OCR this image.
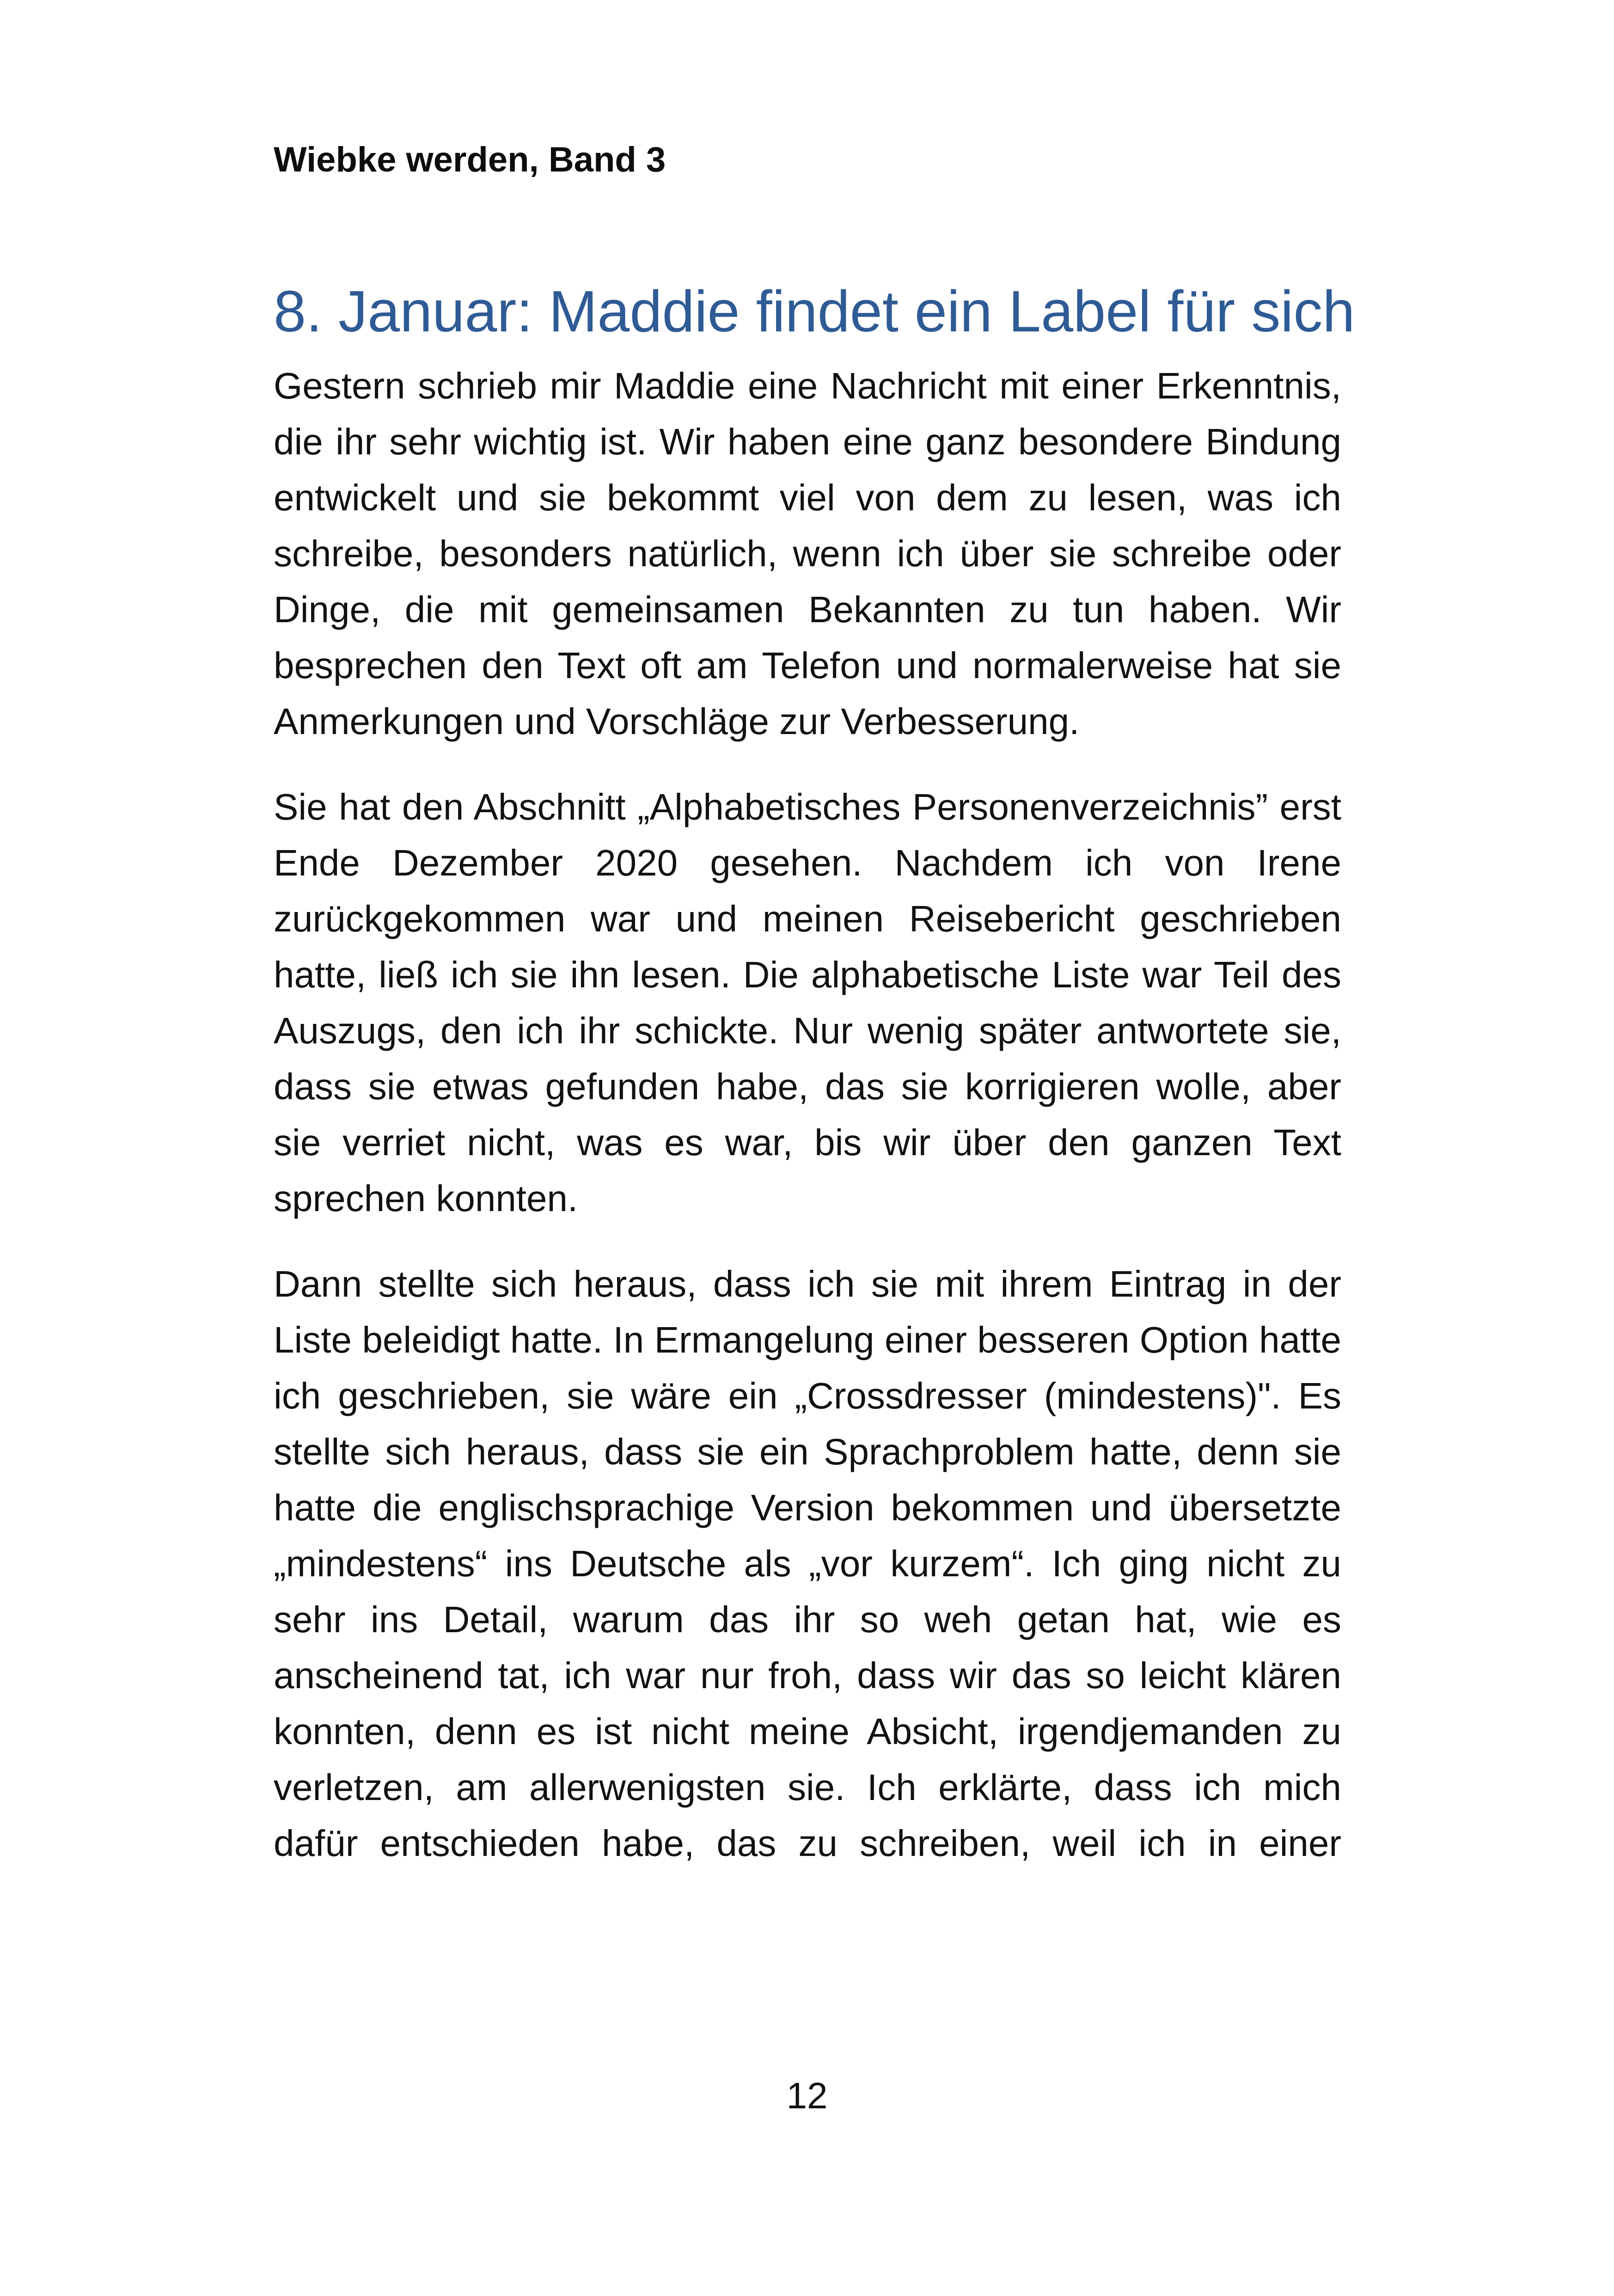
Wiebke werden, Band 3

8. Januar: Maddie findet ein Label für sich

Gestern schrieb mir Maddie eine Nachricht mit einer Erkenntnis, die ihr sehr wichtig ist. Wir haben eine ganz besondere Bindung entwickelt und sie bekommt viel von dem zu lesen, was ich schreibe, besonders natürlich, wenn ich über sie schreibe oder Dinge, die mit gemeinsamen Bekannten zu tun haben. Wir besprechen den Text oft am Telefon und normalerweise hat sie Anmerkungen und Vorschläge zur Verbesserung.

Sie hat den Abschnitt „Alphabetisches Personenverzeichnis” erst Ende Dezember 2020 gesehen. Nachdem ich von Irene zurückgekommen war und meinen Reisebericht geschrieben hatte, ließ ich sie ihn lesen. Die alphabetische Liste war Teil des Auszugs, den ich ihr schickte. Nur wenig später antwortete sie, dass sie etwas gefunden habe, das sie korrigieren wolle, aber sie verriet nicht, was es war, bis wir über den ganzen Text sprechen konnten.

Dann stellte sich heraus, dass ich sie mit ihrem Eintrag in der Liste beleidigt hatte. In Ermangelung einer besseren Option hatte ich geschrieben, sie wäre ein „Crossdresser (mindestens)". Es stellte sich heraus, dass sie ein Sprachproblem hatte, denn sie hatte die englischsprachige Version bekommen und übersetzte „mindestens“ ins Deutsche als „vor kurzem“. Ich ging nicht zu sehr ins Detail, warum das ihr so weh getan hat, wie es anscheinend tat, ich war nur froh, dass wir das so leicht klären konnten, denn es ist nicht meine Absicht, irgendjemanden zu verletzen, am allerwenigsten sie. Ich erklärte, dass ich mich dafür entschieden habe, das zu schreiben, weil ich in einer

12
